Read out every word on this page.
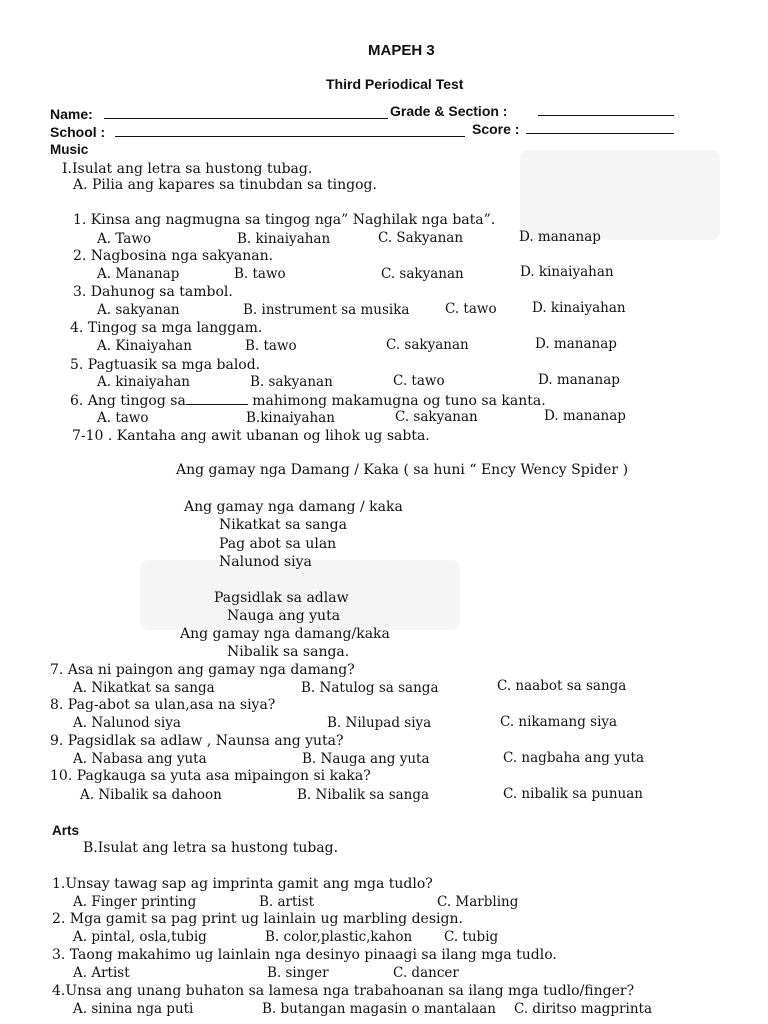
MAPEH 3
Third Periodical Test
Name:	Grade & Section :
School :	Score :
Music
I.Isulat ang letra sa hustong tubag.
A. Pilia ang kapares sa tinubdan sa tingog.
1. Kinsa ang nagmugna sa tingog nga” Naghilak nga bata”.
A. Tawo	B. kinaiyahan	C. Sakyanan	D. mananap
2. Nagbosina nga sakyanan.
A. Mananap	B. tawo	C. sakyanan	D. kinaiyahan
3. Dahunog sa tambol.
A. sakyanan	B. instrument sa musika	C. tawo	D. kinaiyahan
4. Tingog sa mga langgam.
A. Kinaiyahan	B. tawo	C. sakyanan	D. mananap
5. Pagtuasik sa mga balod.
A. kinaiyahan	B. sakyanan	C. tawo	D. mananap
6. Ang tingog sa	mahimong makamugna og tuno sa kanta.
A. tawo	B.kinaiyahan	C. sakyanan	D. mananap
7-10 . Kantaha ang awit ubanan og lihok ug sabta.
Ang gamay nga Damang / Kaka ( sa huni “ Ency Wency Spider )
Ang gamay nga damang / kaka
Nikatkat sa sanga
Pag abot sa ulan
Nalunod siya
Pagsidlak sa adlaw
Nauga ang yuta
Ang gamay nga damang/kaka
Nibalik sa sanga.
7. Asa ni paingon ang gamay nga damang?
A. Nikatkat sa sanga	B. Natulog sa sanga	C. naabot sa sanga
8. Pag-abot sa ulan,asa na siya?
A. Nalunod siya	B. Nilupad siya	C. nikamang siya
9. Pagsidlak sa adlaw , Naunsa ang yuta?
A. Nabasa ang yuta	B. Nauga ang yuta	C. nagbaha ang yuta
10. Pagkauga sa yuta asa mipaingon si kaka?
A. Nibalik sa dahoon	B. Nibalik sa sanga	C. nibalik sa punuan
Arts
B.Isulat ang letra sa hustong tubag.
1.Unsay tawag sap ag imprinta gamit ang mga tudlo?
A. Finger printing	B. artist	C. Marbling
2. Mga gamit sa pag print ug lainlain ug marbling design.
A. pintal, osla,tubig	B. color,plastic,kahon C. tubig
3. Taong makahimo ug lainlain nga desinyo pinaagi sa ilang mga tudlo.
A. Artist	B. singer	C. dancer
4.Unsa ang unang buhaton sa lamesa nga trabahoanan sa ilang mga tudlo/finger?
A. sinina nga puti	B. butangan magasin o mantalaan C. diritso magprinta
